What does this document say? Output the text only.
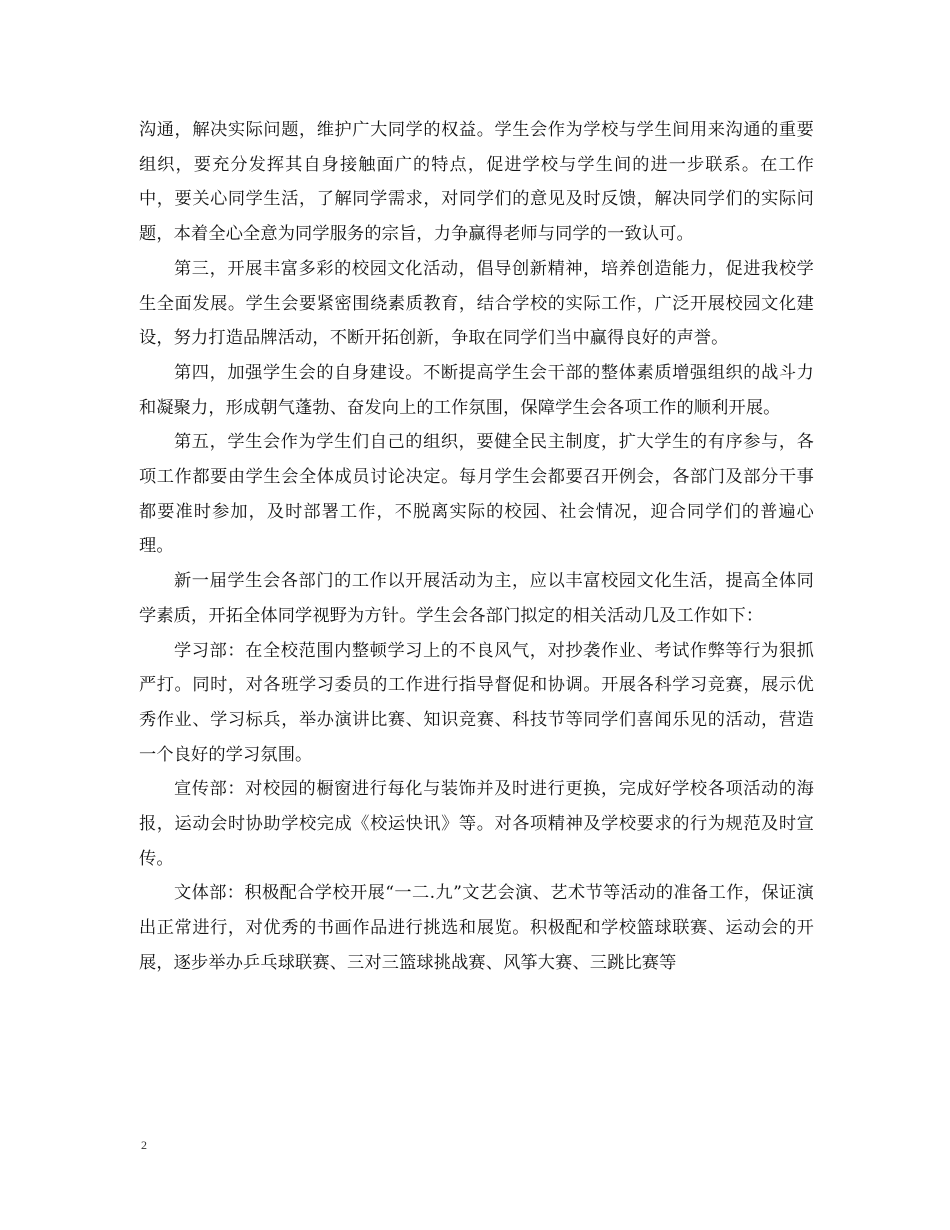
沟通，解决实际问题，维护广大同学的权益。学生会作为学校与学生间用来沟通的重要组织，要充分发挥其自身接触面广的特点，促进学校与学生间的进一步联系。在工作中，要关心同学生活，了解同学需求，对同学们的意见及时反馈，解决同学们的实际问题，本着全心全意为同学服务的宗旨，力争赢得老师与同学的一致认可。

第三，开展丰富多彩的校园文化活动，倡导创新精神，培养创造能力，促进我校学生全面发展。学生会要紧密围绕素质教育，结合学校的实际工作，广泛开展校园文化建设，努力打造品牌活动，不断开拓创新，争取在同学们当中赢得良好的声誉。

第四，加强学生会的自身建设。不断提高学生会干部的整体素质增强组织的战斗力和凝聚力，形成朝气蓬勃、奋发向上的工作氛围，保障学生会各项工作的顺利开展。

第五，学生会作为学生们自己的组织，要健全民主制度，扩大学生的有序参与，各项工作都要由学生会全体成员讨论决定。每月学生会都要召开例会，各部门及部分干事都要准时参加，及时部署工作，不脱离实际的校园、社会情况，迎合同学们的普遍心理。

新一届学生会各部门的工作以开展活动为主，应以丰富校园文化生活，提高全体同学素质，开拓全体同学视野为方针。学生会各部门拟定的相关活动几及工作如下：

学习部：在全校范围内整顿学习上的不良风气，对抄袭作业、考试作弊等行为狠抓严打。同时，对各班学习委员的工作进行指导督促和协调。开展各科学习竞赛，展示优秀作业、学习标兵，举办演讲比赛、知识竞赛、科技节等同学们喜闻乐见的活动，营造一个良好的学习氛围。

宣传部：对校园的橱窗进行每化与装饰并及时进行更换，完成好学校各项活动的海报，运动会时协助学校完成《校运快讯》等。对各项精神及学校要求的行为规范及时宣传。

文体部：积极配合学校开展“一二.九”文艺会演、艺术节等活动的准备工作，保证演出正常进行，对优秀的书画作品进行挑选和展览。积极配和学校篮球联赛、运动会的开展，逐步举办乒乓球联赛、三对三篮球挑战赛、风筝大赛、三跳比赛等

2
